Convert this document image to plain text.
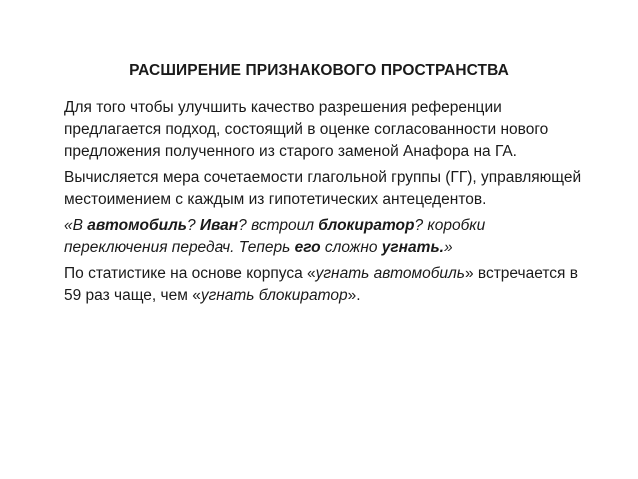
РАСШИРЕНИЕ ПРИЗНАКОВОГО ПРОСТРАНСТВА

Для того чтобы улучшить качество разрешения референции предлагается подход, состоящий в оценке согласованности нового предложения полученного из старого заменой Анафора на ГА.

Вычисляется мера сочетаемости глагольной группы (ГГ), управляющей местоимением с каждым из гипотетических антецедентов.

«В автомобиль? Иван? встроил блокиратор? коробки переключения передач. Теперь его сложно угнать.»

По статистике на основе корпуса «угнать автомобиль» встречается в 59 раз чаще, чем «угнать блокиратор».
